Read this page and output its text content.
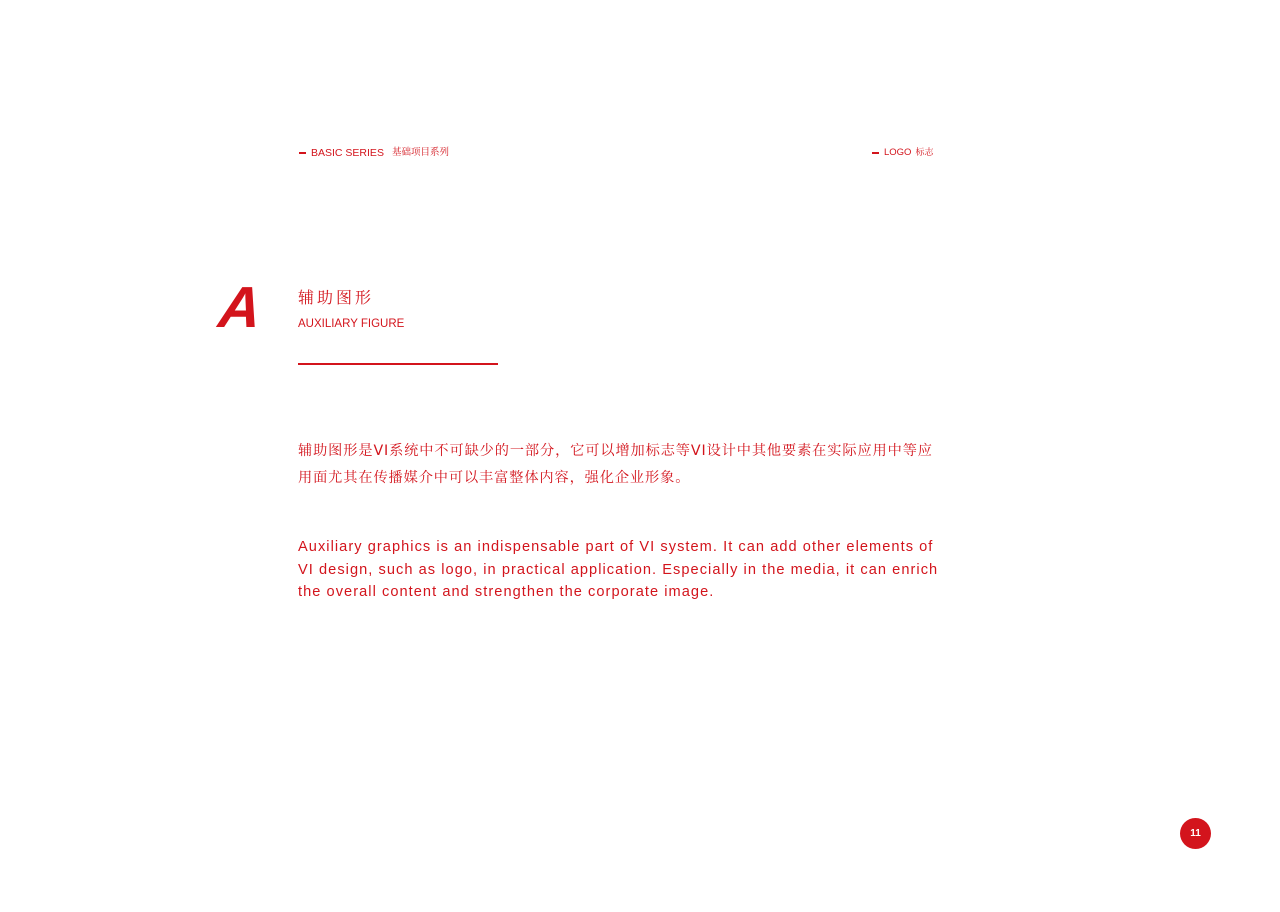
BASIC SERIES 基础项目系列	LOGO 标志
A 辅助图形
AUXILIARY FIGURE
辅助图形是VI系统中不可缺少的一部分，它可以增加标志等VI设计中其他要素在实际应用中等应
用面尤其在传播媒介中可以丰富整体内容，强化企业形象。
Auxiliary graphics is an indispensable part of VI system. It can add other elements of
VI design, such as logo, in practical application. Especially in the media, it can enrich
the overall content and strengthen the corporate image.
11
